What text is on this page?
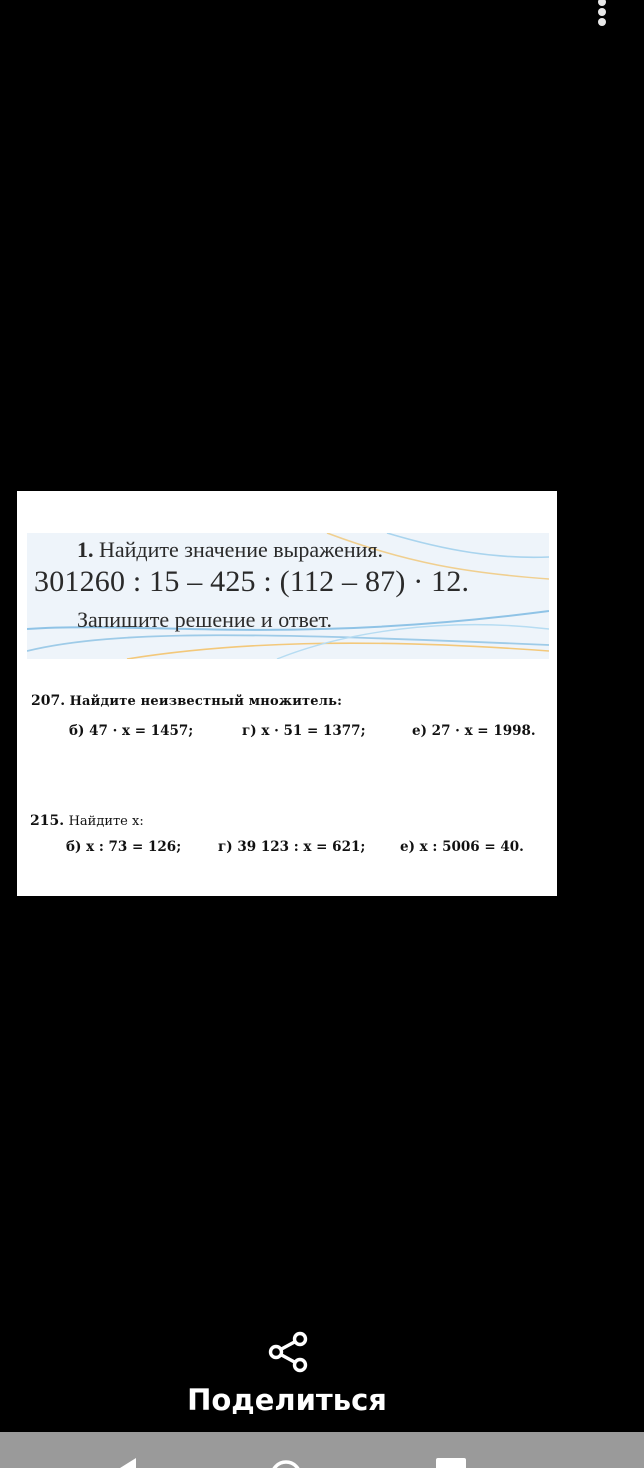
1. Найдите значение выражения.
301260 : 15 – 425 : (112 – 87) · 12.
Запишите решение и ответ.
207. Найдите неизвестный множитель:
б) 47 · x = 1457;	г) x · 51 = 1377;	е) 27 · x = 1998.
215. Найдите x:
б) x : 73 = 126;	г) 39 123 : x = 621;	е) x : 5006 = 40.
Поделиться
